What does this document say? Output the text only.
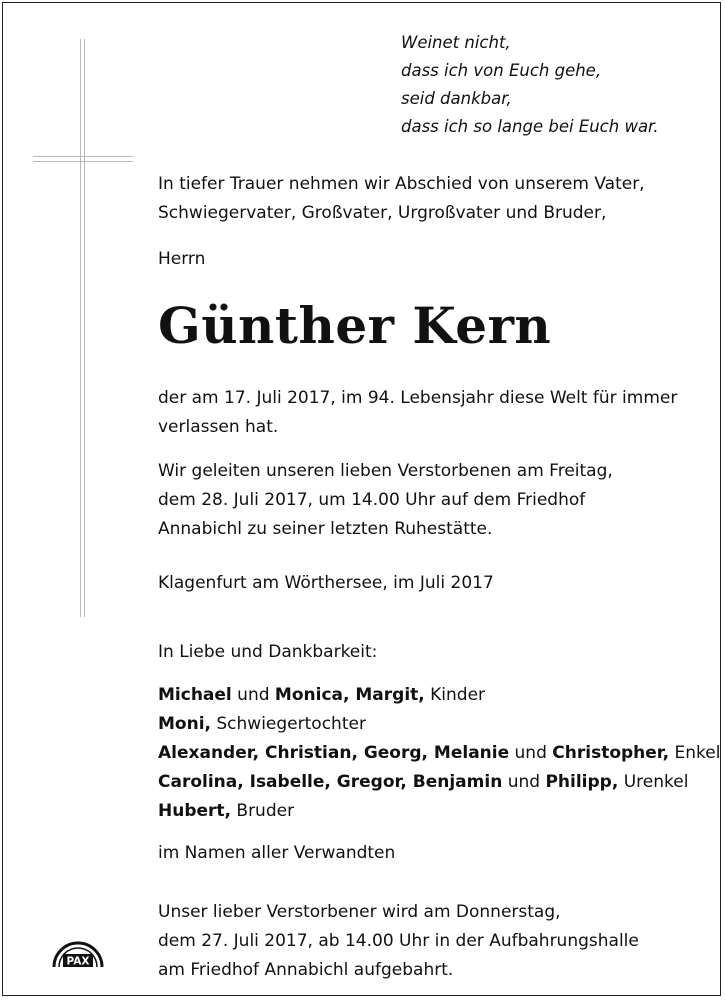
Weinet nicht,
dass ich von Euch gehe,
seid dankbar,
dass ich so lange bei Euch war.
In tiefer Trauer nehmen wir Abschied von unserem Vater,
Schwiegervater, Großvater, Urgroßvater und Bruder,
Herrn
Günther Kern
der am 17. Juli 2017, im 94. Lebensjahr diese Welt für immer
verlassen hat.
Wir geleiten unseren lieben Verstorbenen am Freitag,
dem 28. Juli 2017, um 14.00 Uhr auf dem Friedhof
Annabichl zu seiner letzten Ruhestätte.
Klagenfurt am Wörthersee, im Juli 2017
In Liebe und Dankbarkeit:
Michael und Monica, Margit, Kinder
Moni, Schwiegertochter
Alexander, Christian, Georg, Melanie und Christopher, Enkel
Carolina, Isabelle, Gregor, Benjamin und Philipp, Urenkel
Hubert, Bruder
im Namen aller Verwandten
Unser lieber Verstorbener wird am Donnerstag,
dem 27. Juli 2017, ab 14.00 Uhr in der Aufbahrungshalle
am Friedhof Annabichl aufgebahrt.
PAX
